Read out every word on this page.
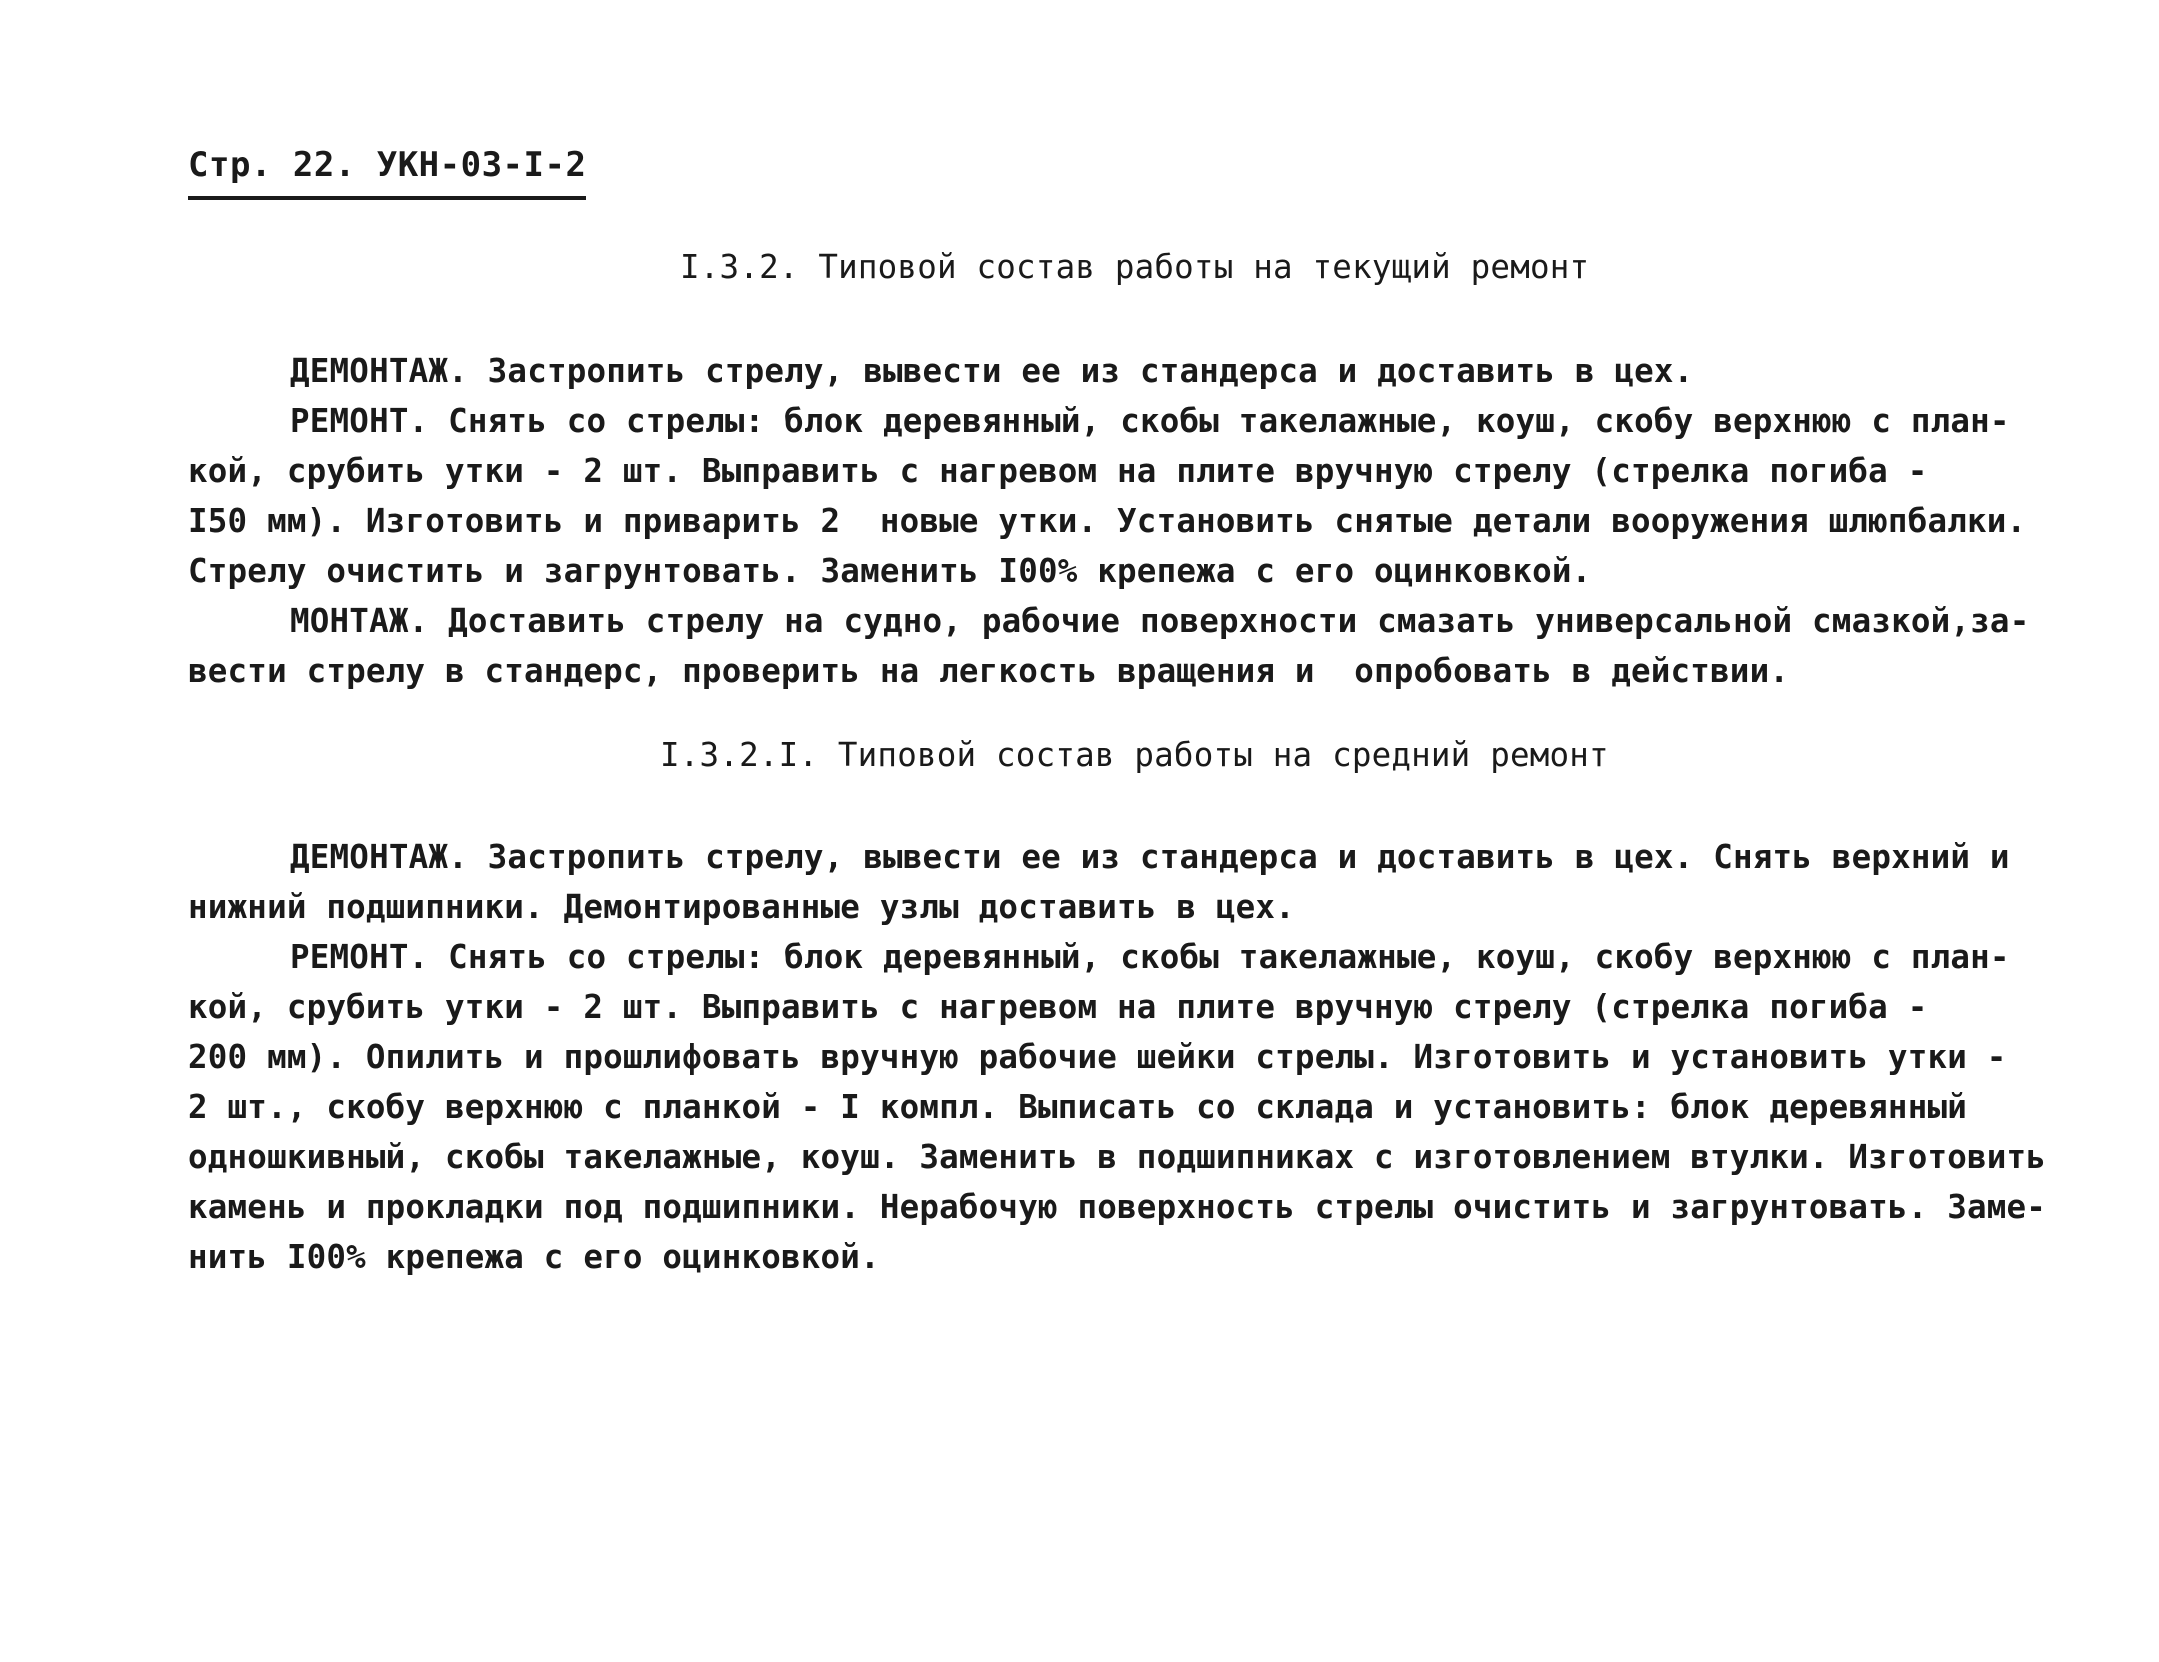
Стр. 22. УКН-03-I-2
I.3.2. Типовой состав работы на текущий ремонт
ДЕМОНТАЖ. Застропить стрелу, вывести ее из стандерса и доставить в цех.
РЕМОНТ. Снять со стрелы: блок деревянный, скобы такелажные, коуш, скобу верхнюю с план-
кой, срубить утки - 2 шт. Выправить с нагревом на плите вручную стрелу (стрелка погиба -
I50 мм). Изготовить и приварить 2  новые утки. Установить снятые детали вооружения шлюпбалки.
Стрелу очистить и загрунтовать. Заменить I00% крепежа с его оцинковкой.
МОНТАЖ. Доставить стрелу на судно, рабочие поверхности смазать универсальной смазкой,за-
вести стрелу в стандерс, проверить на легкость вращения и  опробовать в действии.
I.3.2.I. Типовой состав работы на средний ремонт
ДЕМОНТАЖ. Застропить стрелу, вывести ее из стандерса и доставить в цех. Снять верхний и
нижний подшипники. Демонтированные узлы доставить в цех.
РЕМОНТ. Снять со стрелы: блок деревянный, скобы такелажные, коуш, скобу верхнюю с план-
кой, срубить утки - 2 шт. Выправить с нагревом на плите вручную стрелу (стрелка погиба -
200 мм). Опилить и прошлифовать вручную рабочие шейки стрелы. Изготовить и установить утки -
2 шт., скобу верхнюю с планкой - I компл. Выписать со склада и установить: блок деревянный
одношкивный, скобы такелажные, коуш. Заменить в подшипниках с изготовлением втулки. Изготовить
камень и прокладки под подшипники. Нерабочую поверхность стрелы очистить и загрунтовать. Заме-
нить I00% крепежа с его оцинковкой.
